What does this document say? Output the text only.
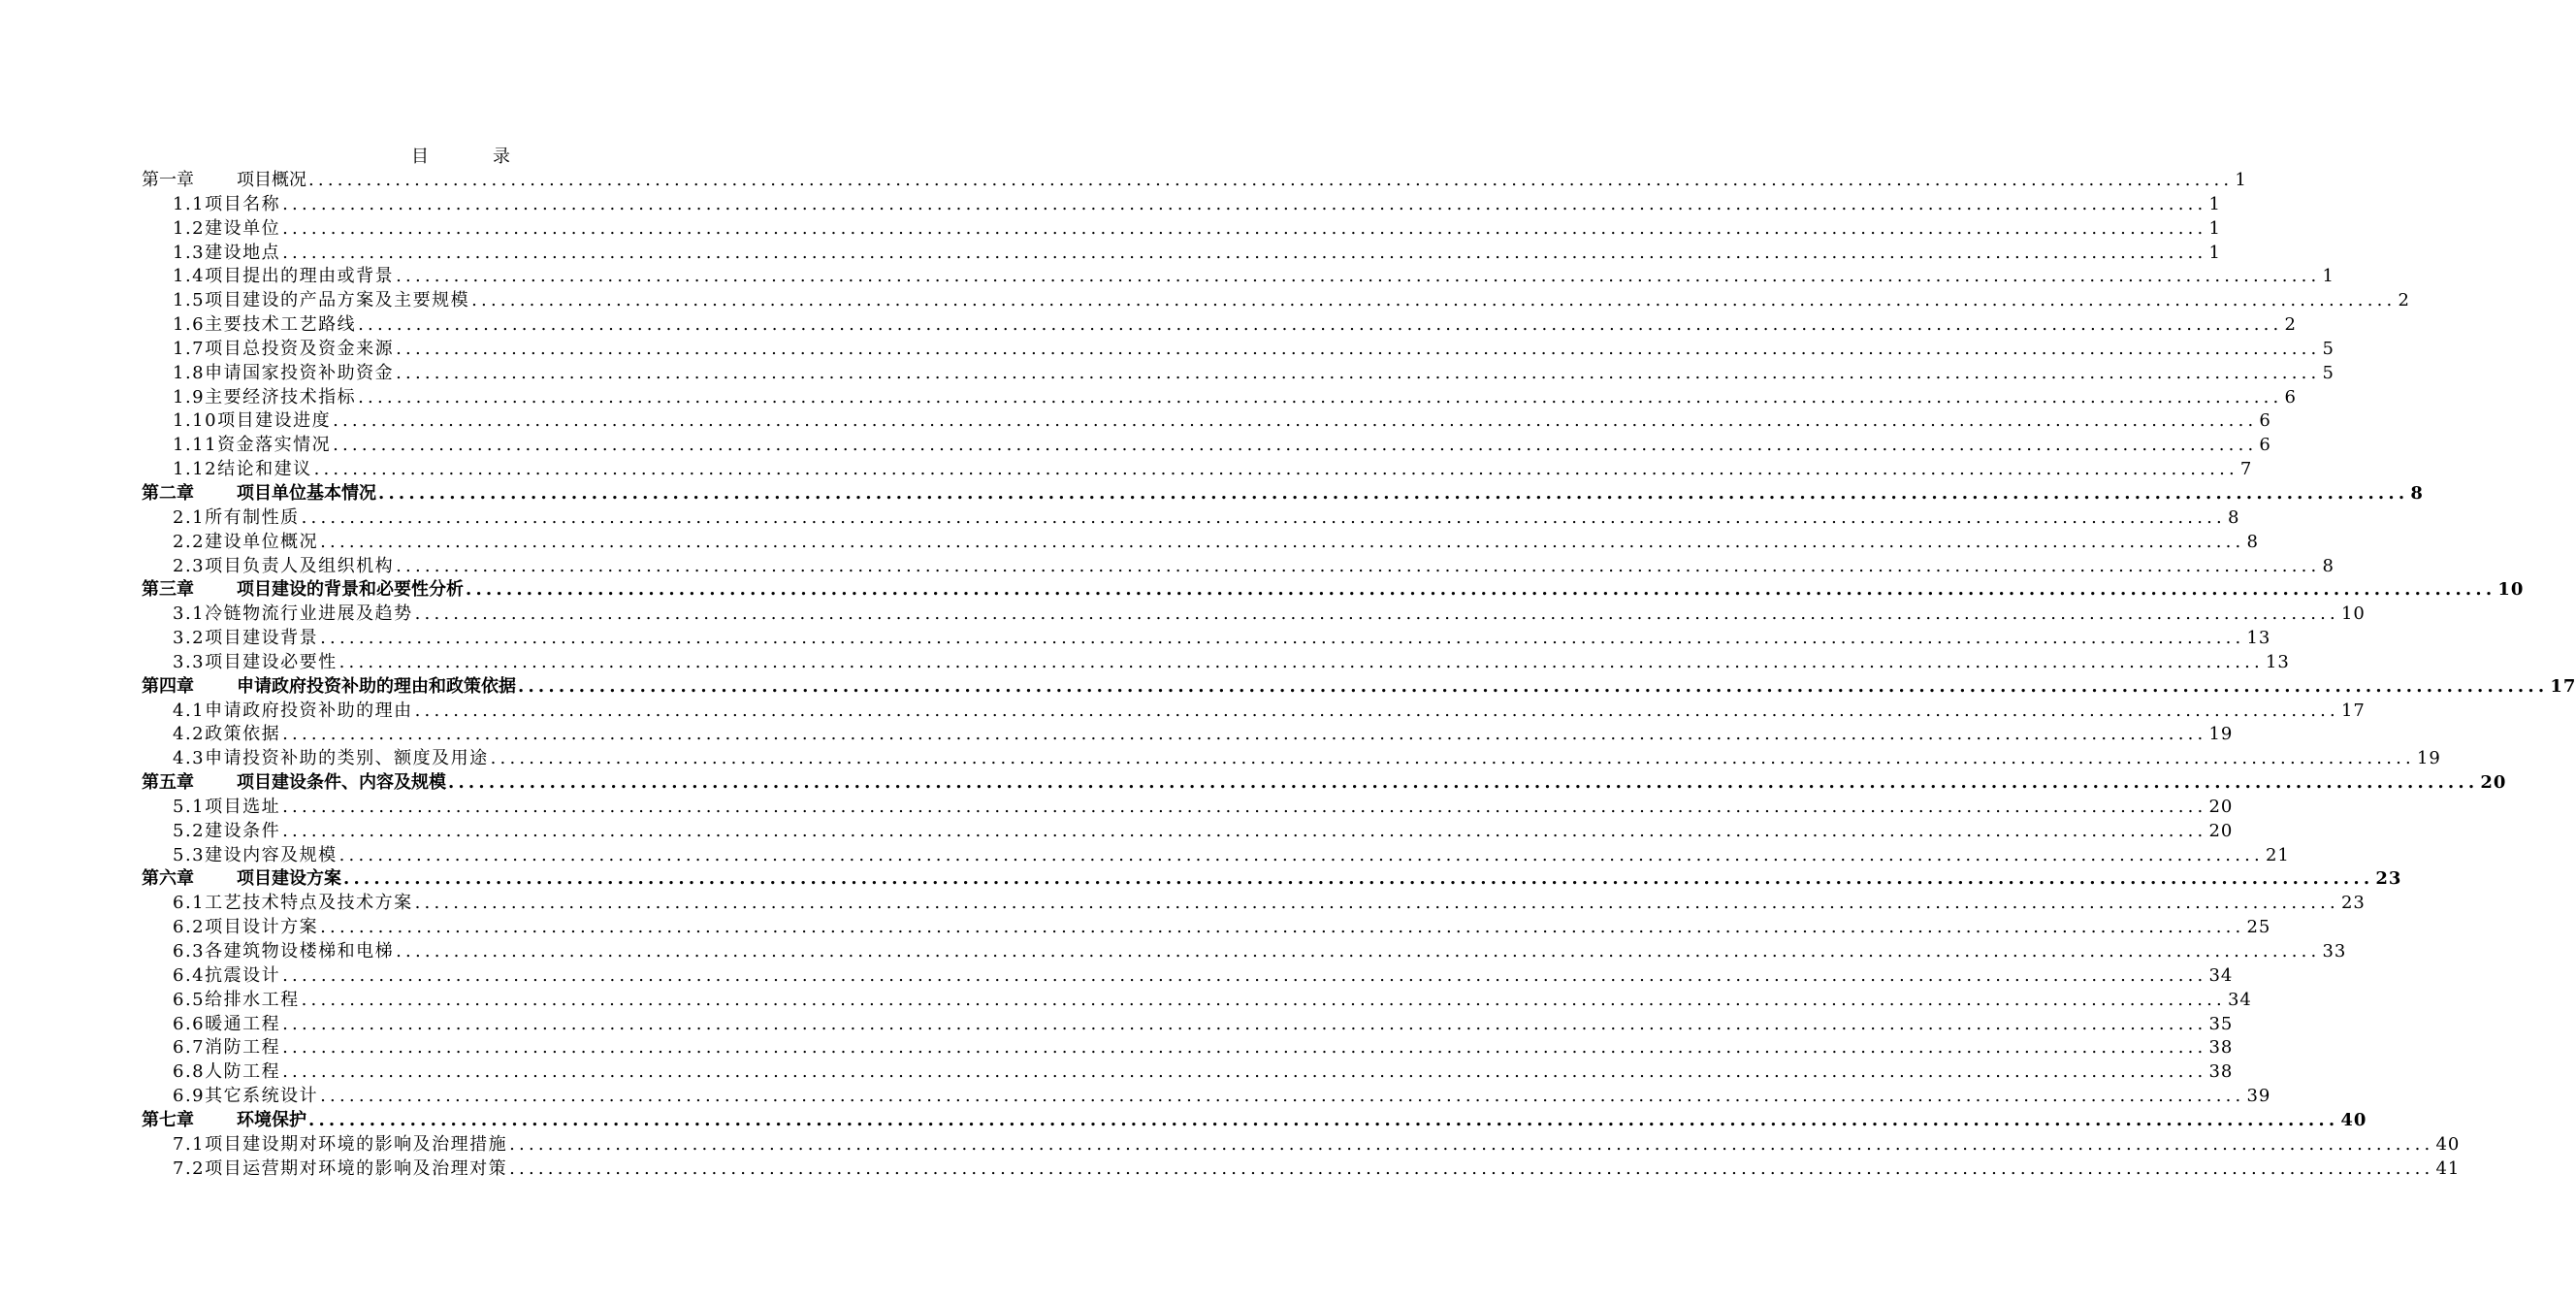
目　录
第一章 项目概况 ........................................................................................................................................................................................................ 1
1.1项目名称 ........................................................................................................................................................................................................ 1
1.2建设单位 ........................................................................................................................................................................................................ 1
1.3建设地点 ........................................................................................................................................................................................................ 1
1.4项目提出的理由或背景 ........................................................................................................................................................................................................ 1
1.5项目建设的产品方案及主要规模 ........................................................................................................................................................................................................ 2
1.6主要技术工艺路线 ........................................................................................................................................................................................................ 2
1.7项目总投资及资金来源 ........................................................................................................................................................................................................ 5
1.8申请国家投资补助资金 ........................................................................................................................................................................................................ 5
1.9主要经济技术指标 ........................................................................................................................................................................................................ 6
1.10项目建设进度 ........................................................................................................................................................................................................ 6
1.11资金落实情况 ........................................................................................................................................................................................................ 6
1.12结论和建议 ........................................................................................................................................................................................................ 7
第二章 项目单位基本情况 ........................................................................................................................................................................................................ 8
2.1所有制性质 ........................................................................................................................................................................................................ 8
2.2建设单位概况 ........................................................................................................................................................................................................ 8
2.3项目负责人及组织机构 ........................................................................................................................................................................................................ 8
第三章 项目建设的背景和必要性分析 ........................................................................................................................................................................................................ 10
3.1冷链物流行业进展及趋势 ........................................................................................................................................................................................................ 10
3.2项目建设背景 ........................................................................................................................................................................................................ 13
3.3项目建设必要性 ........................................................................................................................................................................................................ 13
第四章 申请政府投资补助的理由和政策依据 ........................................................................................................................................................................................................ 17
4.1申请政府投资补助的理由 ........................................................................................................................................................................................................ 17
4.2政策依据 ........................................................................................................................................................................................................ 19
4.3申请投资补助的类别、额度及用途 ........................................................................................................................................................................................................ 19
第五章 项目建设条件、内容及规模 ........................................................................................................................................................................................................ 20
5.1项目选址 ........................................................................................................................................................................................................ 20
5.2建设条件 ........................................................................................................................................................................................................ 20
5.3建设内容及规模 ........................................................................................................................................................................................................ 21
第六章 项目建设方案 ........................................................................................................................................................................................................ 23
6.1工艺技术特点及技术方案 ........................................................................................................................................................................................................ 23
6.2项目设计方案 ........................................................................................................................................................................................................ 25
6.3各建筑物设楼梯和电梯 ........................................................................................................................................................................................................ 33
6.4抗震设计 ........................................................................................................................................................................................................ 34
6.5给排水工程 ........................................................................................................................................................................................................ 34
6.6暖通工程 ........................................................................................................................................................................................................ 35
6.7消防工程 ........................................................................................................................................................................................................ 38
6.8人防工程 ........................................................................................................................................................................................................ 38
6.9其它系统设计 ........................................................................................................................................................................................................ 39
第七章 环境保护 ........................................................................................................................................................................................................ 40
7.1项目建设期对环境的影响及治理措施 ........................................................................................................................................................................................................ 40
7.2项目运营期对环境的影响及治理对策 ........................................................................................................................................................................................................ 41
